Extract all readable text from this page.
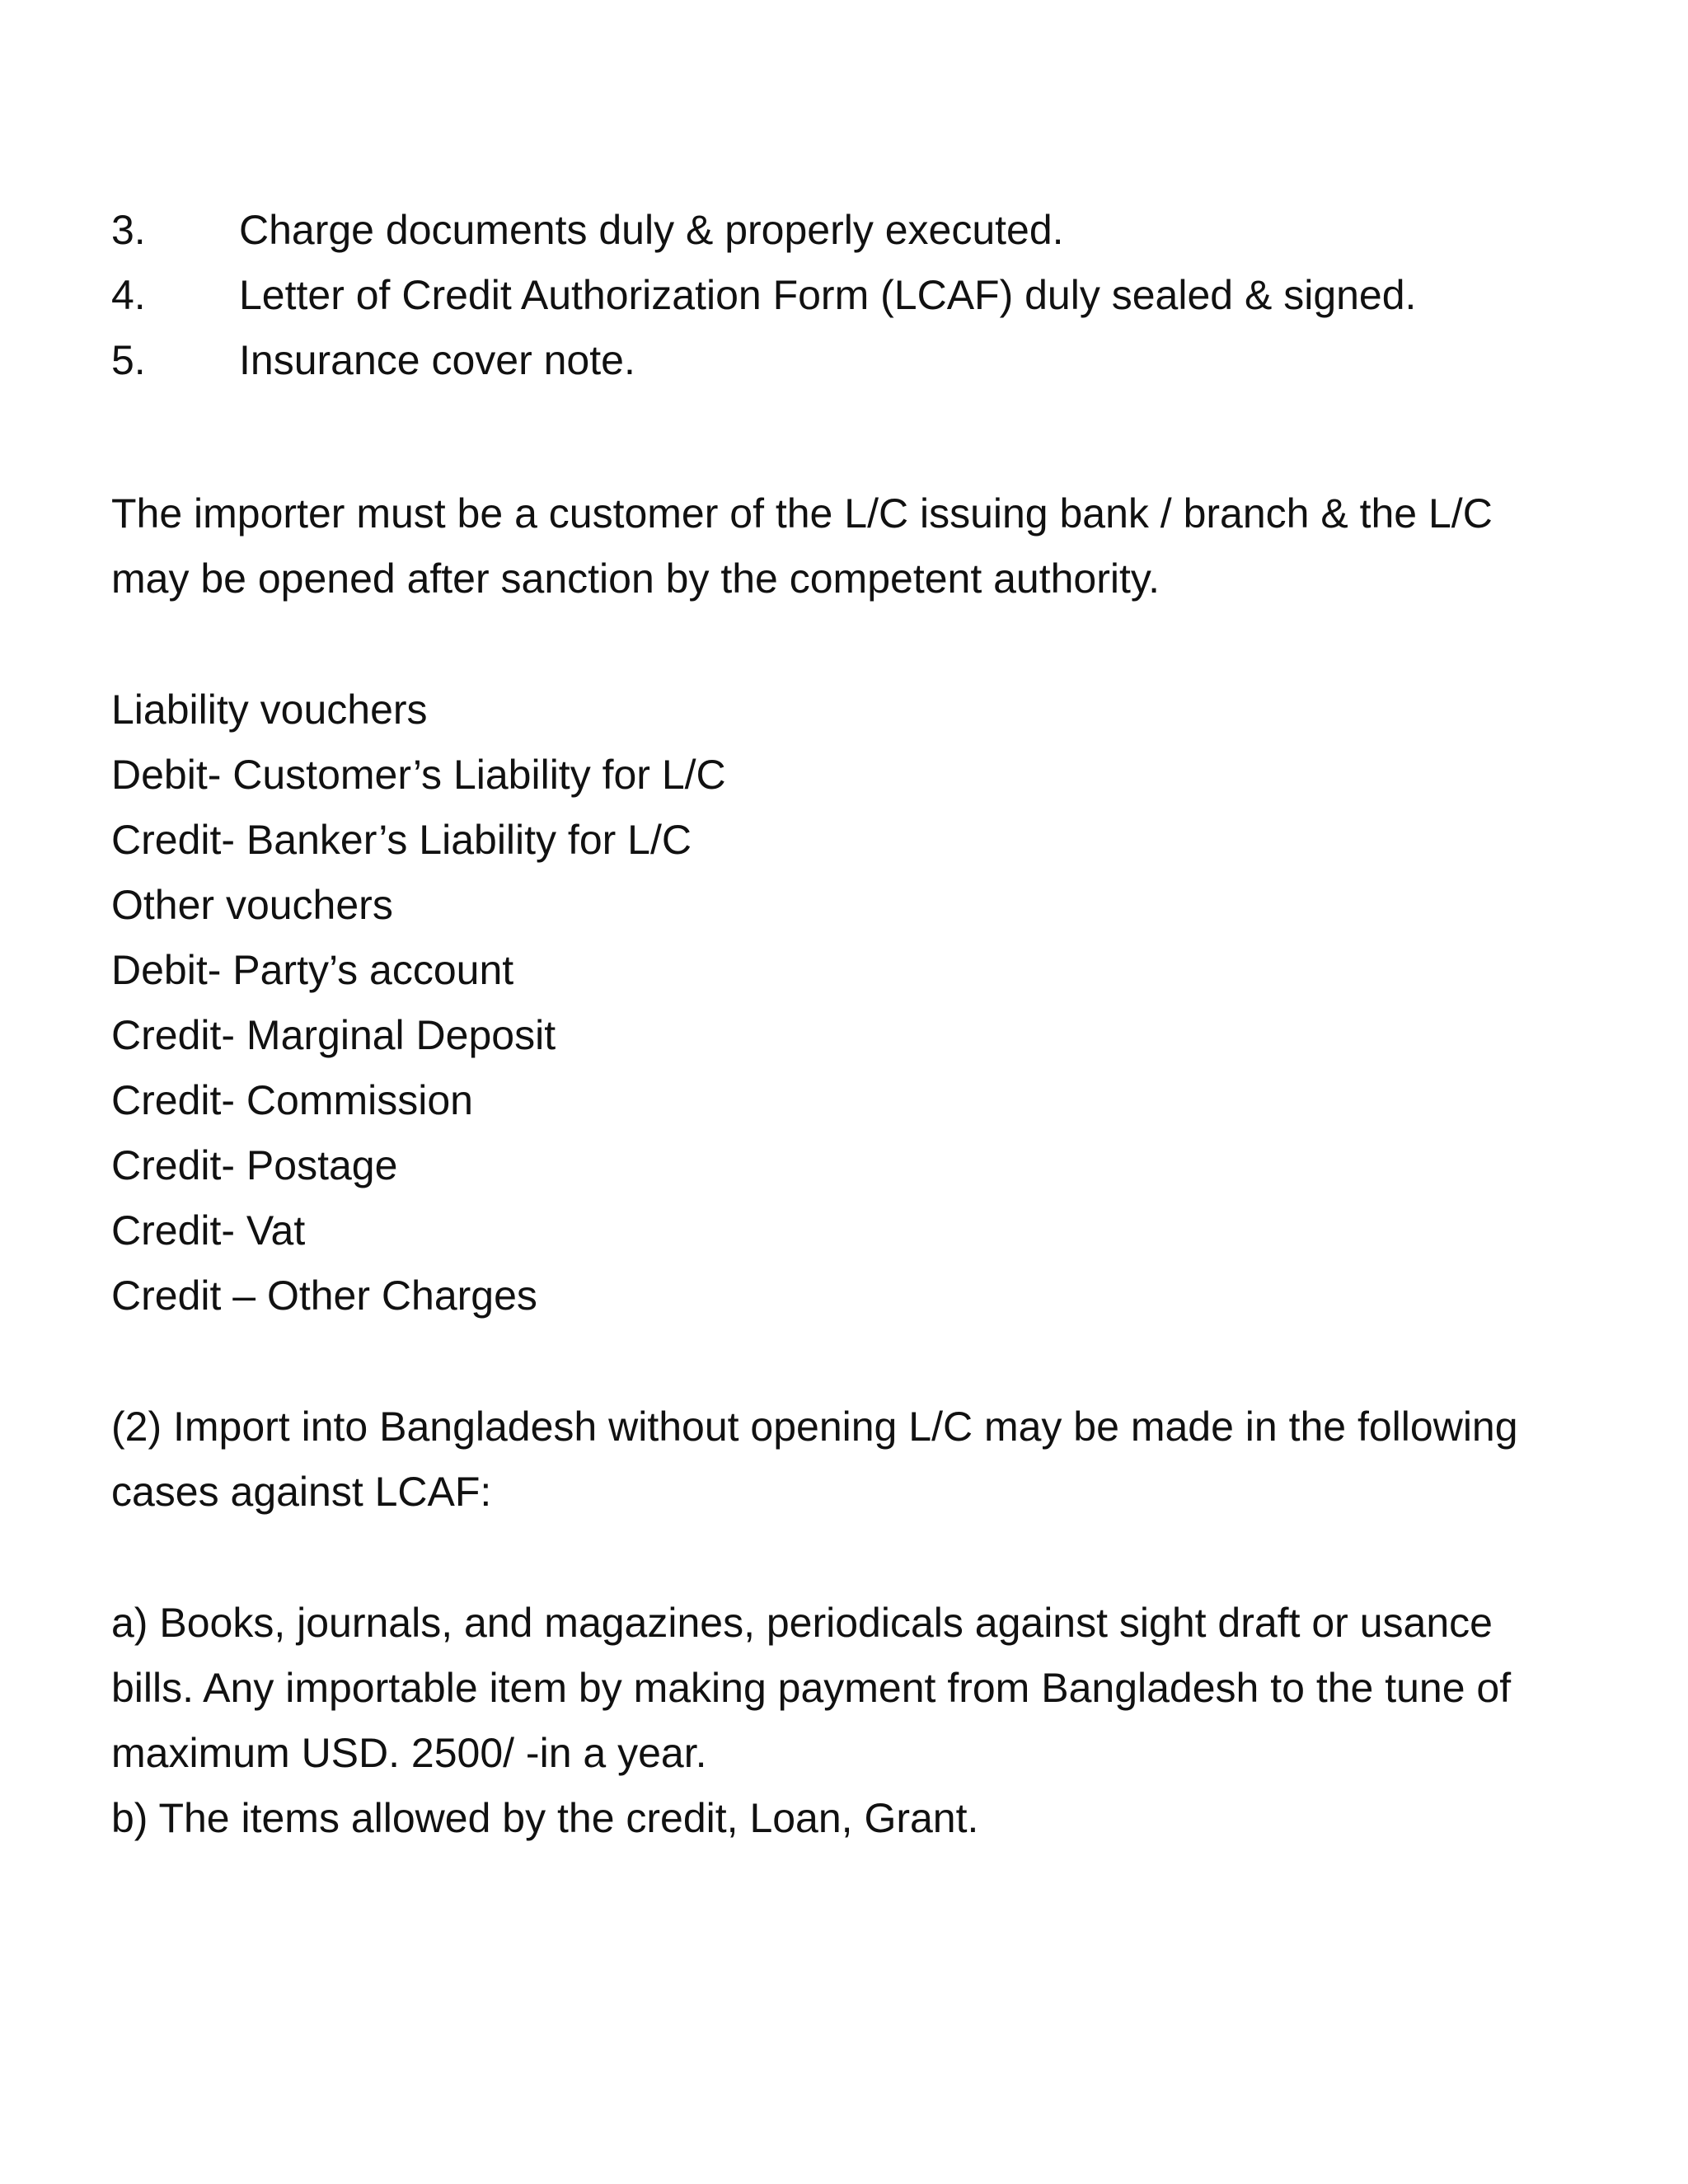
3.	Charge documents duly & properly executed.
4.	Letter of Credit Authorization Form (LCAF) duly sealed & signed.
5.	Insurance cover note.
The importer must be a customer of the L/C issuing bank / branch & the L/C
may be opened after sanction by the competent authority.
Liability vouchers
Debit- Customer’s Liability for L/C
Credit- Banker’s Liability for L/C
Other vouchers
Debit- Party’s account
Credit- Marginal Deposit
Credit- Commission
Credit- Postage
Credit- Vat
Credit – Other Charges
(2) Import into Bangladesh without opening L/C may be made in the following
cases against LCAF:
a) Books, journals, and magazines, periodicals against sight draft or usance
bills. Any importable item by making payment from Bangladesh to the tune of
maximum USD. 2500/ -in a year.
b) The items allowed by the credit, Loan, Grant.
